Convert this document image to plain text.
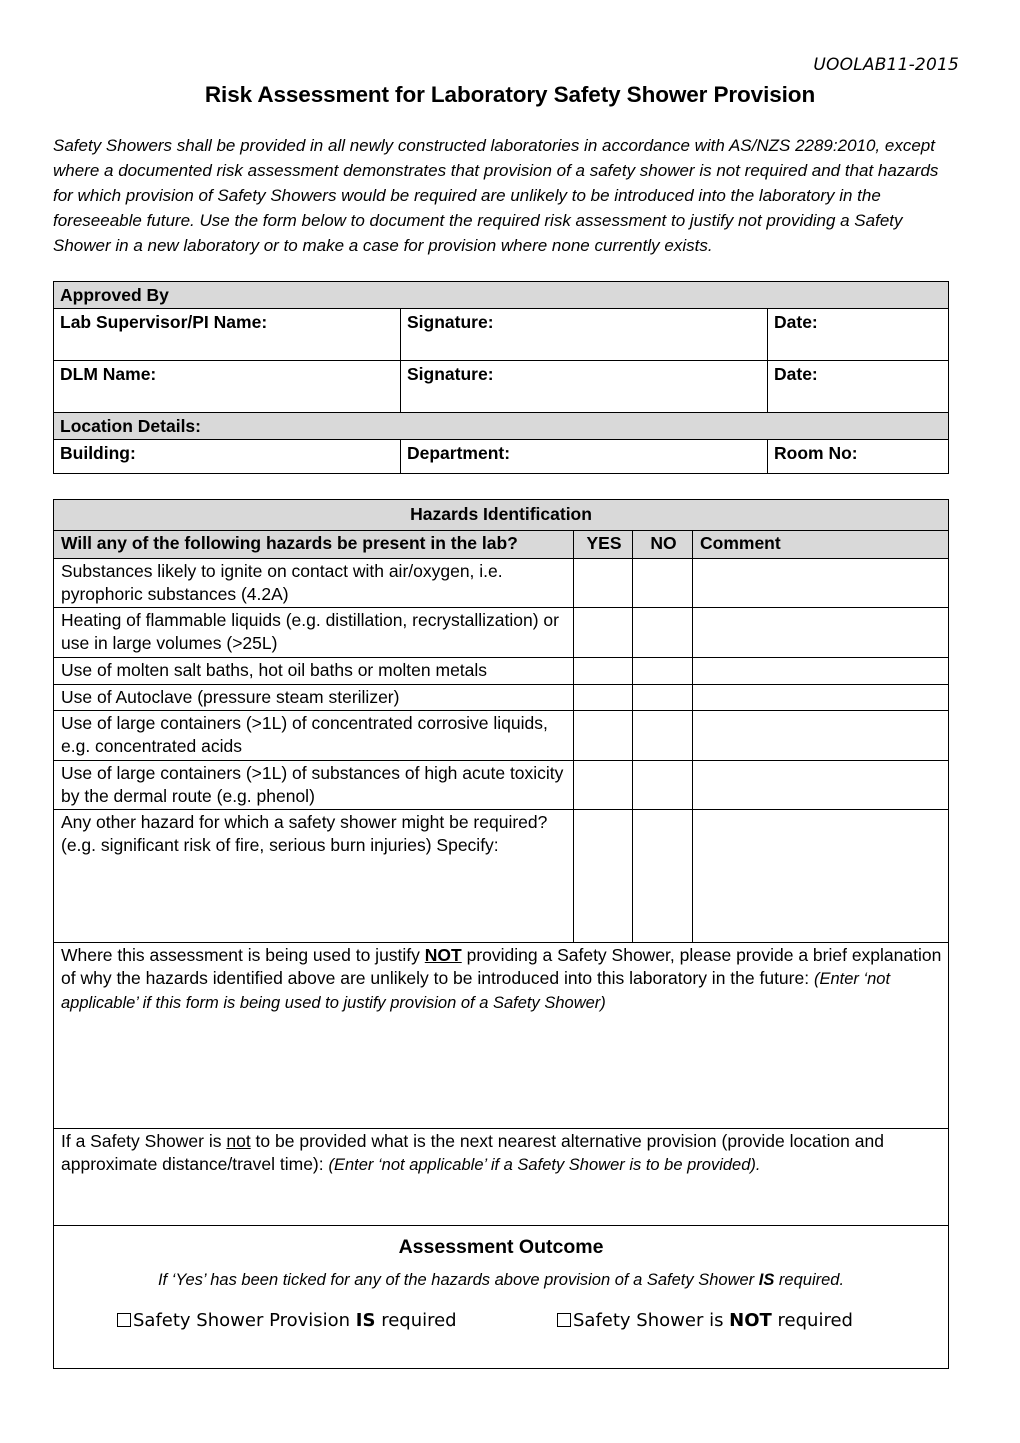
UOOLAB11-2015
Risk Assessment for Laboratory Safety Shower Provision
Safety Showers shall be provided in all newly constructed laboratories in accordance with AS/NZS 2289:2010, except where a documented risk assessment demonstrates that provision of a safety shower is not required and that hazards for which provision of Safety Showers would be required are unlikely to be introduced into the laboratory in the foreseeable future. Use the form below to document the required risk assessment to justify not providing a Safety Shower in a new laboratory or to make a case for provision where none currently exists.
Approved By		
Lab Supervisor/PI Name:	Signature:	Date:
DLM Name:	Signature:	Date:
Location Details:		
Building:	Department:	Room No:
Hazards Identification			
Will any of the following hazards be present in the lab?	YES	NO	Comment
Substances likely to ignite on contact with air/oxygen, i.e. pyrophoric substances (4.2A)			
Heating of flammable liquids (e.g. distillation, recrystallization) or use in large volumes (>25L)			
Use of molten salt baths, hot oil baths or molten metals			
Use of Autoclave (pressure steam sterilizer)			
Use of large containers (>1L) of concentrated corrosive liquids, e.g. concentrated acids			
Use of large containers (>1L) of substances of high acute toxicity by the dermal route (e.g. phenol)			
Any other hazard for which a safety shower might be required? (e.g. significant risk of fire, serious burn injuries) Specify:			
Where this assessment is being used to justify NOT providing a Safety Shower, please provide a brief explanation of why the hazards identified above are unlikely to be introduced into this laboratory in the future: (Enter ‘not applicable’ if this form is being used to justify provision of a Safety Shower)			
If a Safety Shower is not to be provided what is the next nearest alternative provision (provide location and approximate distance/travel time): (Enter ‘not applicable’ if a Safety Shower is to be provided).			

Assessment Outcome
If ‘Yes’ has been ticked for any of the hazards above provision of a Safety Shower IS required.
Safety Shower Provision IS required Safety Shower is NOT required			
